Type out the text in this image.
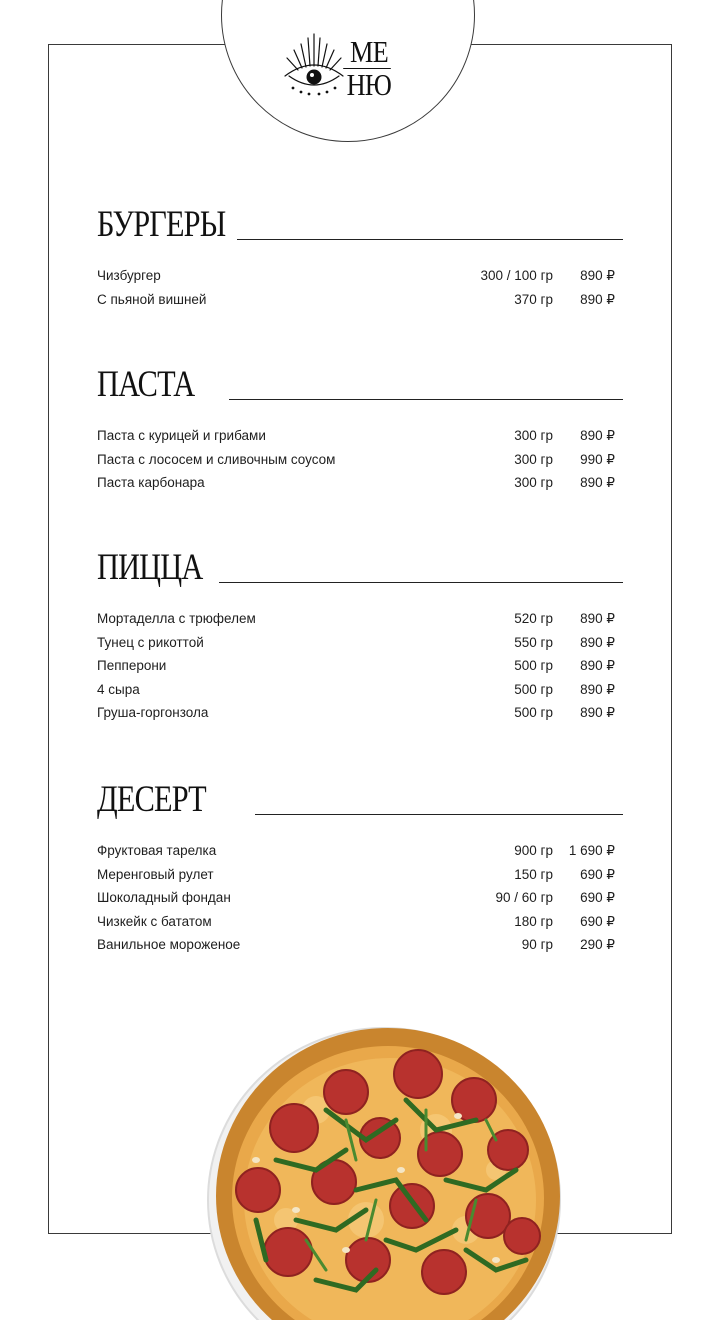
МЕ
НЮ
БУРГЕРЫ
Чизбургер	300 / 100 гр 890 ₽
С пьяной вишней	370 гр 890 ₽
ПАСТА
Паста с курицей и грибами	300 гр 890 ₽
Паста с лососем и сливочным соусом	300 гр 990 ₽
Паста карбонара	300 гр 890 ₽
ПИЦЦА
Мортаделла с трюфелем	520 гр 890 ₽
Тунец с рикоттой	550 гр 890 ₽
Пепперони	500 гр 890 ₽
4 сыра	500 гр 890 ₽
Груша-горгонзола	500 гр 890 ₽
ДЕСЕРТ
Фруктовая тарелка	900 гр 1 690 ₽
Меренговый рулет	150 гр 690 ₽
Шоколадный фондан	90 / 60 гр 690 ₽
Чизкейк с бататом	180 гр 690 ₽
Ванильное мороженое	90 гр 290 ₽
